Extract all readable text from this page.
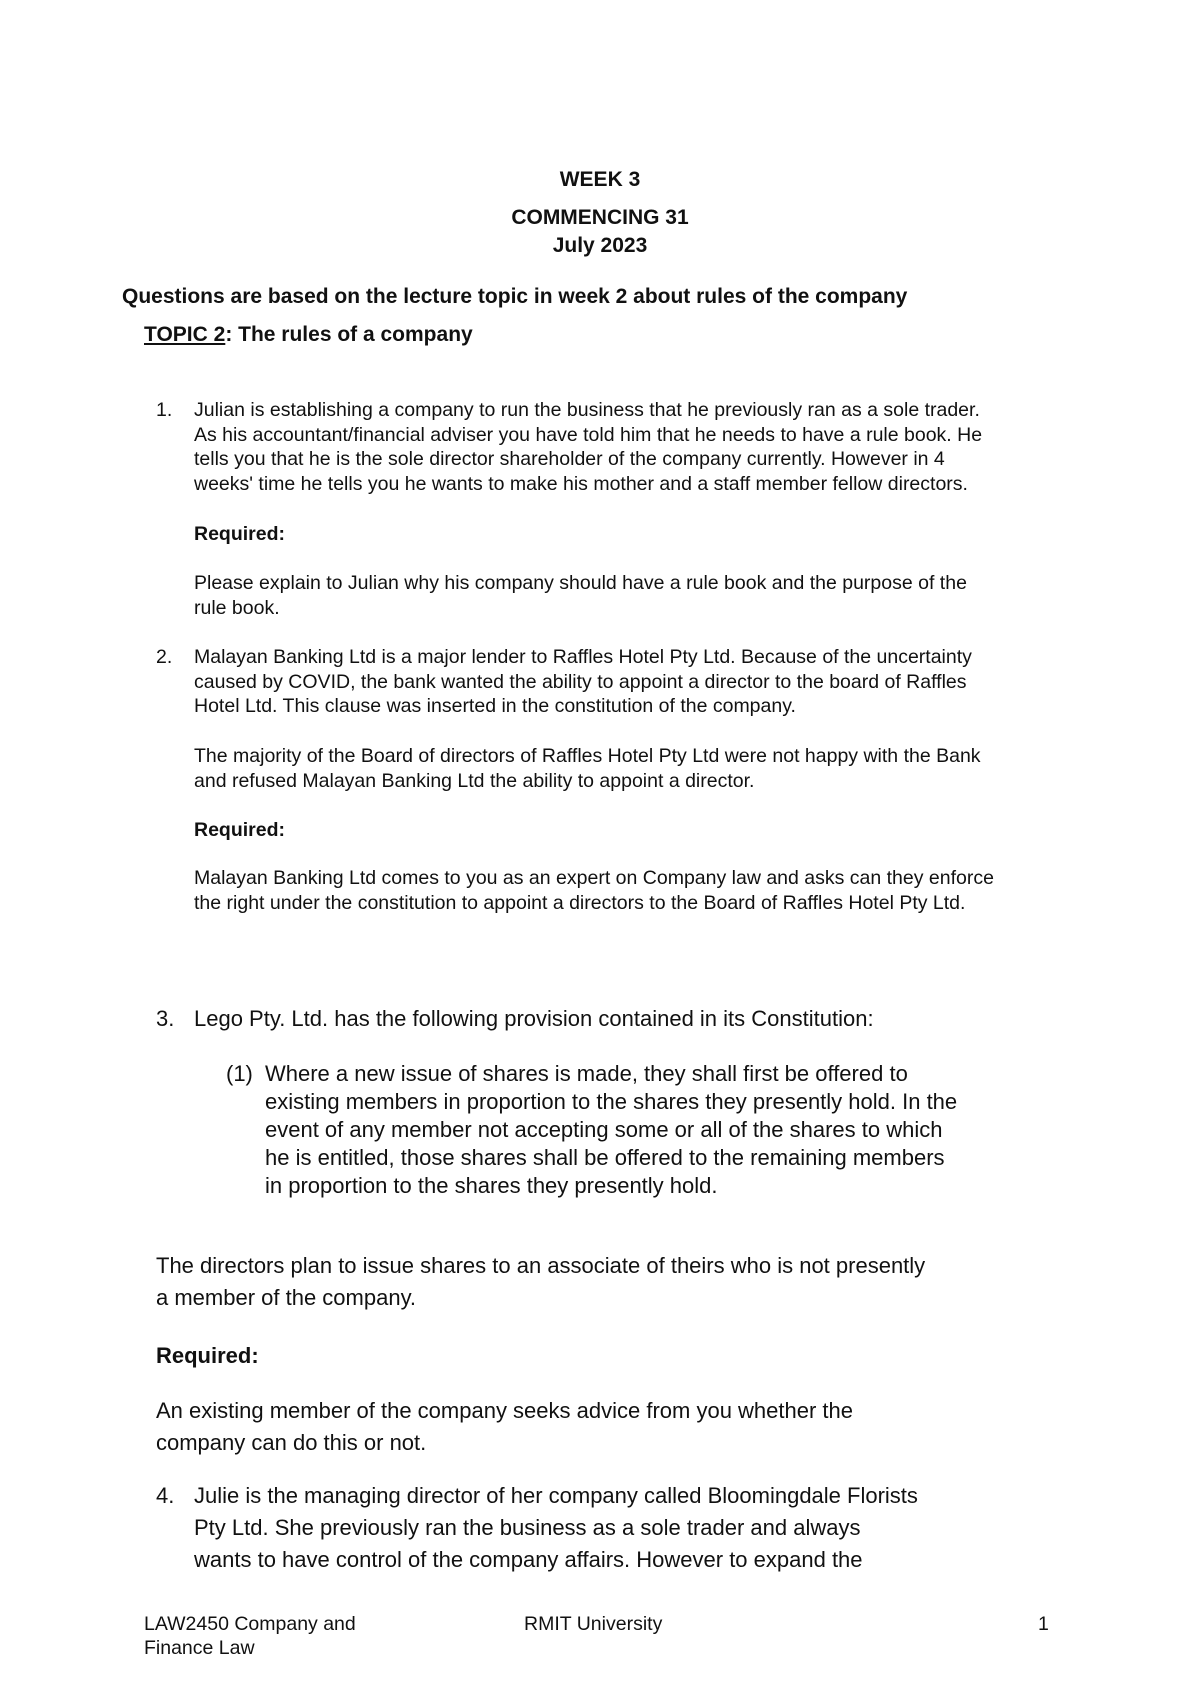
WEEK 3
COMMENCING 31
July 2023
Questions are based on the lecture topic in week 2 about rules of the company
TOPIC 2: The rules of a company
1. Julian is establishing a company to run the business that he previously ran as a sole trader.
As his accountant/financial adviser you have told him that he needs to have a rule book. He
tells you that he is the sole director shareholder of the company currently. However in 4
weeks' time he tells you he wants to make his mother and a staff member fellow directors.
Required:
Please explain to Julian why his company should have a rule book and the purpose of the
rule book.
2. Malayan Banking Ltd is a major lender to Raffles Hotel Pty Ltd. Because of the uncertainty
caused by COVID, the bank wanted the ability to appoint a director to the board of Raffles
Hotel Ltd. This clause was inserted in the constitution of the company.
The majority of the Board of directors of Raffles Hotel Pty Ltd were not happy with the Bank
and refused Malayan Banking Ltd the ability to appoint a director.
Required:
Malayan Banking Ltd comes to you as an expert on Company law and asks can they enforce
the right under the constitution to appoint a directors to the Board of Raffles Hotel Pty Ltd.
3. Lego Pty. Ltd. has the following provision contained in its Constitution:
(1) Where a new issue of shares is made, they shall first be offered to
existing members in proportion to the shares they presently hold. In the
event of any member not accepting some or all of the shares to which
he is entitled, those shares shall be offered to the remaining members
in proportion to the shares they presently hold.
The directors plan to issue shares to an associate of theirs who is not presently
a member of the company.
Required:
An existing member of the company seeks advice from you whether the
company can do this or not.
4. Julie is the managing director of her company called Bloomingdale Florists
Pty Ltd. She previously ran the business as a sole trader and always
wants to have control of the company affairs. However to expand the
LAW2450 Company and
Finance Law
RMIT University	1
